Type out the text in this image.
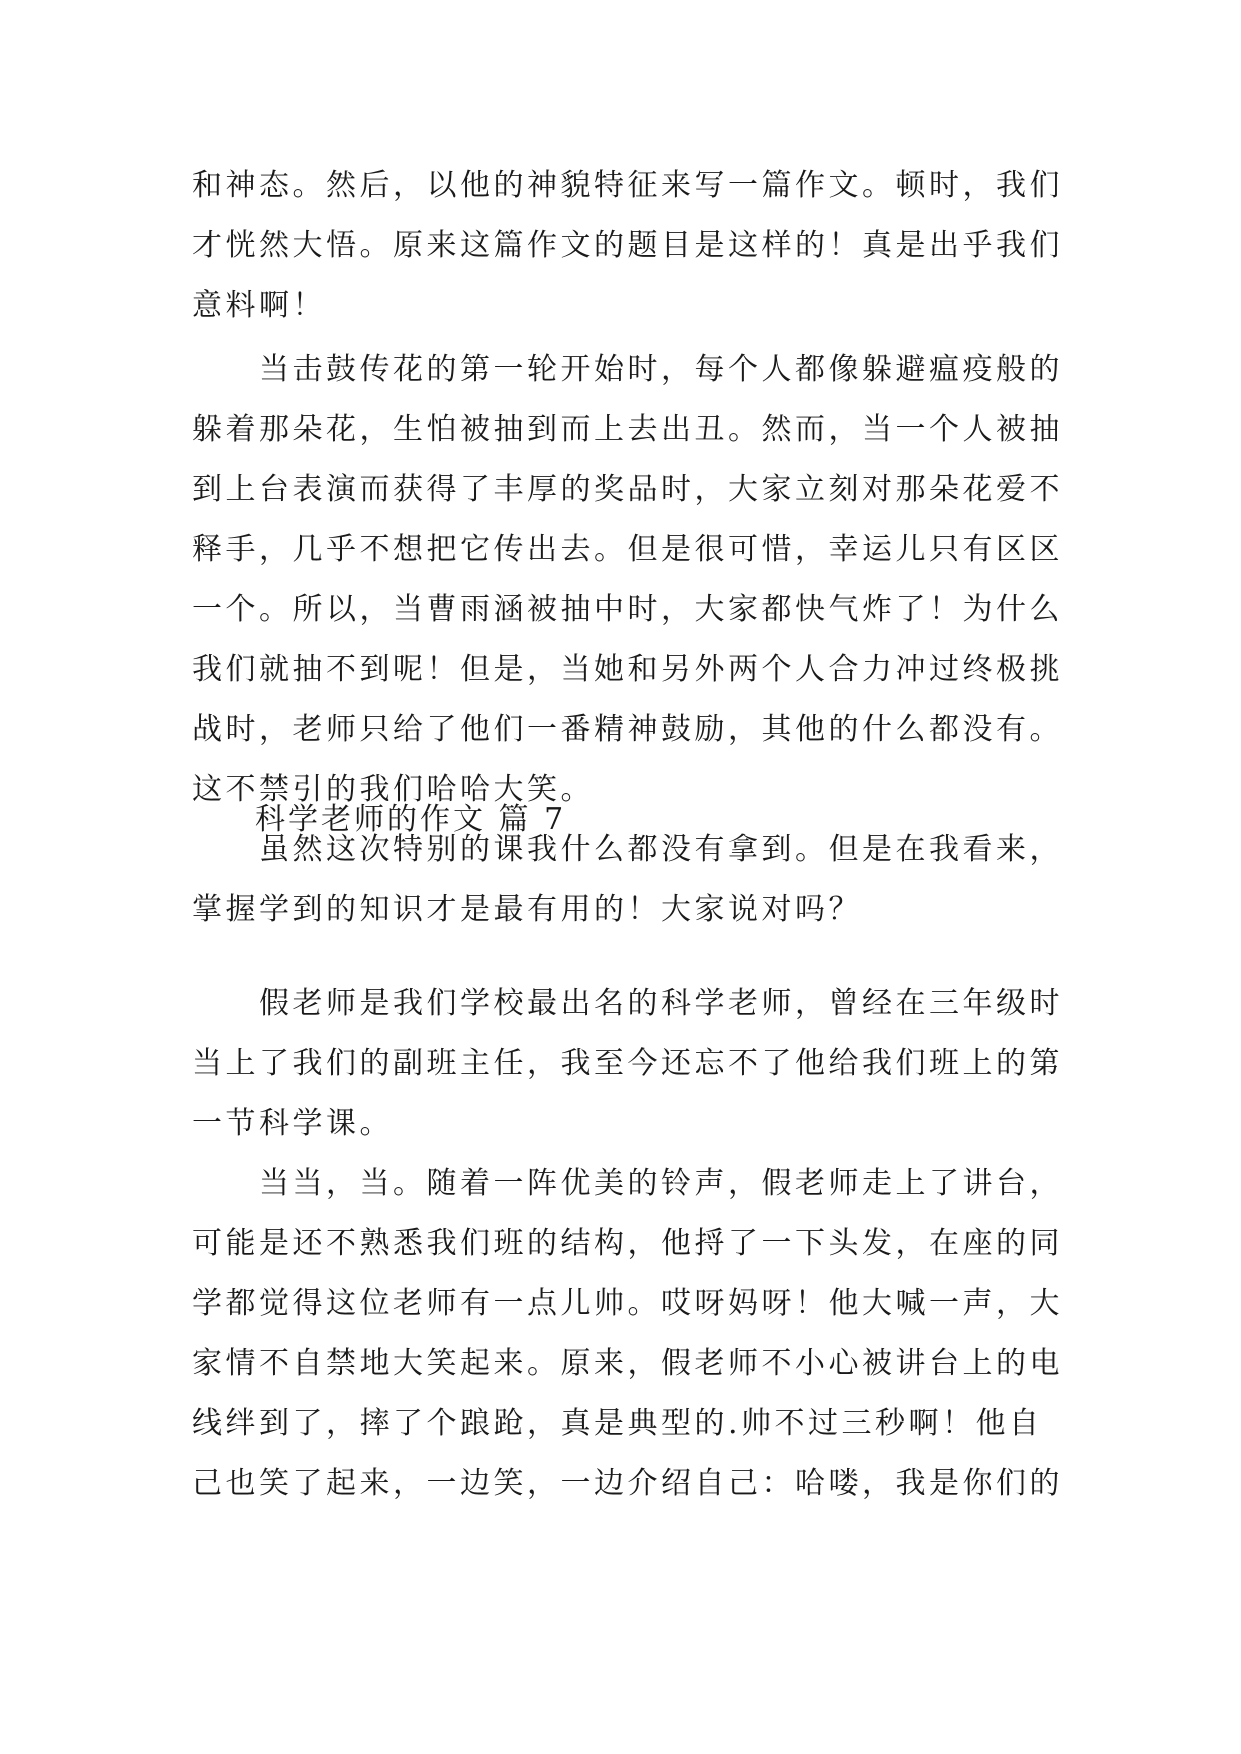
和神态。然后，以他的神貌特征来写一篇作文。顿时，我们
才恍然大悟。原来这篇作文的题目是这样的！真是出乎我们
意料啊！
　　当击鼓传花的第一轮开始时，每个人都像躲避瘟疫般的
躲着那朵花，生怕被抽到而上去出丑。然而，当一个人被抽
到上台表演而获得了丰厚的奖品时，大家立刻对那朵花爱不
释手，几乎不想把它传出去。但是很可惜，幸运儿只有区区
一个。所以，当曹雨涵被抽中时，大家都快气炸了！为什么
我们就抽不到呢！但是，当她和另外两个人合力冲过终极挑
战时，老师只给了他们一番精神鼓励，其他的什么都没有。
这不禁引的我们哈哈大笑。
　　虽然这次特别的课我什么都没有拿到。但是在我看来，
掌握学到的知识才是最有用的！大家说对吗？
科学老师的作文 篇 7
　　假老师是我们学校最出名的科学老师，曾经在三年级时
当上了我们的副班主任，我至今还忘不了他给我们班上的第
一节科学课。
　　当当，当。随着一阵优美的铃声，假老师走上了讲台，
可能是还不熟悉我们班的结构，他捋了一下头发，在座的同
学都觉得这位老师有一点儿帅。哎呀妈呀！他大喊一声，大
家情不自禁地大笑起来。原来，假老师不小心被讲台上的电
线绊到了，摔了个踉跄，真是典型的.帅不过三秒啊！他自
己也笑了起来，一边笑，一边介绍自己：哈喽，我是你们的
